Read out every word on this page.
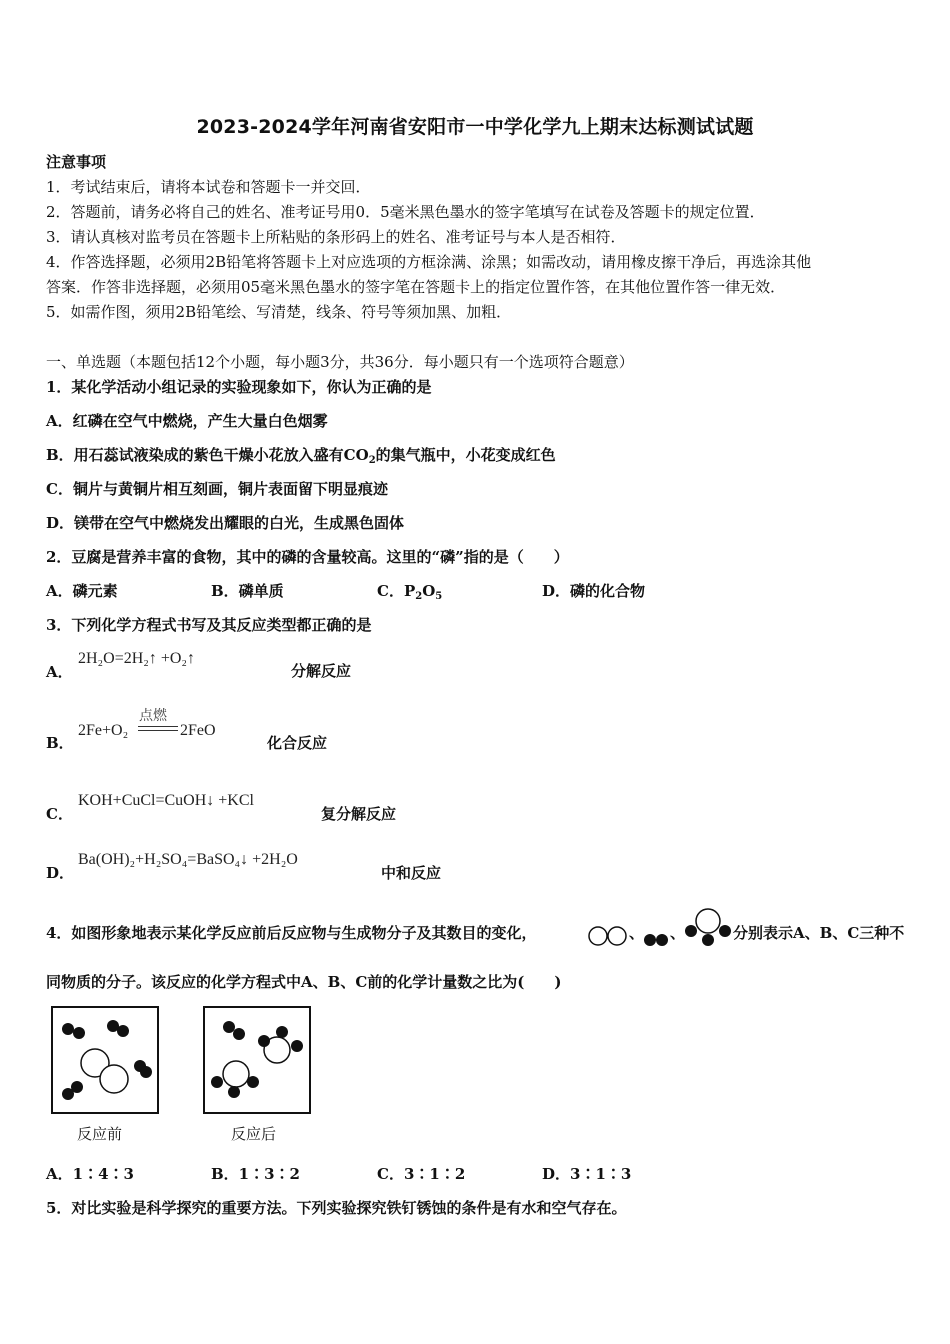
2023-2024学年河南省安阳市一中学化学九上期末达标测试试题
注意事项
1．考试结束后，请将本试卷和答题卡一并交回．
2．答题前，请务必将自己的姓名、准考证号用0．5毫米黑色墨水的签字笔填写在试卷及答题卡的规定位置．
3．请认真核对监考员在答题卡上所粘贴的条形码上的姓名、准考证号与本人是否相符．
4．作答选择题，必须用2B铅笔将答题卡上对应选项的方框涂满、涂黑；如需改动，请用橡皮擦干净后，再选涂其他
答案．作答非选择题，必须用05毫米黑色墨水的签字笔在答题卡上的指定位置作答，在其他位置作答一律无效．
5．如需作图，须用2B铅笔绘、写清楚，线条、符号等须加黑、加粗．
一、单选题（本题包括12个小题，每小题3分，共36分．每小题只有一个选项符合题意）
1．某化学活动小组记录的实验现象如下，你认为正确的是
A．红磷在空气中燃烧，产生大量白色烟雾
B．用石蕊试液染成的紫色干燥小花放入盛有$CO_2$的集气瓶中，小花变成红色
C．铜片与黄铜片相互刻画，铜片表面留下明显痕迹
D．镁带在空气中燃烧发出耀眼的白光，生成黑色固体
2．豆腐是营养丰富的食物，其中的磷的含量较高。这里的“磷”指的是（　　）
A．磷元素	B．磷单质	C．$P_2O_5$	D．磷的化合物
3．下列化学方程式书写及其反应类型都正确的是
A．
2H₂O=2H₂↑ +O₂↑
分解反应
B．
2Fe+O₂
点燃
2FeO
化合反应
C．
KOH+CuCl=CuOH↓ +KCl
复分解反应
D．
Ba(OH)₂+H₂SO₄=BaSO₄↓ +2H₂O
中和反应
4．如图形象地表示某化学反应前后反应物与生成物分子及其数目的变化，	、 、	分别表示A、B、C三种不
同物质的分子。该反应的化学方程式中A、B、C前的化学计量数之比为(　　)
反应前	反应后
A．1∶4∶3	B．1∶3∶2	C．3∶1∶2	D．3∶1∶3
5．对比实验是科学探究的重要方法。下列实验探究铁钉锈蚀的条件是有水和空气存在。
